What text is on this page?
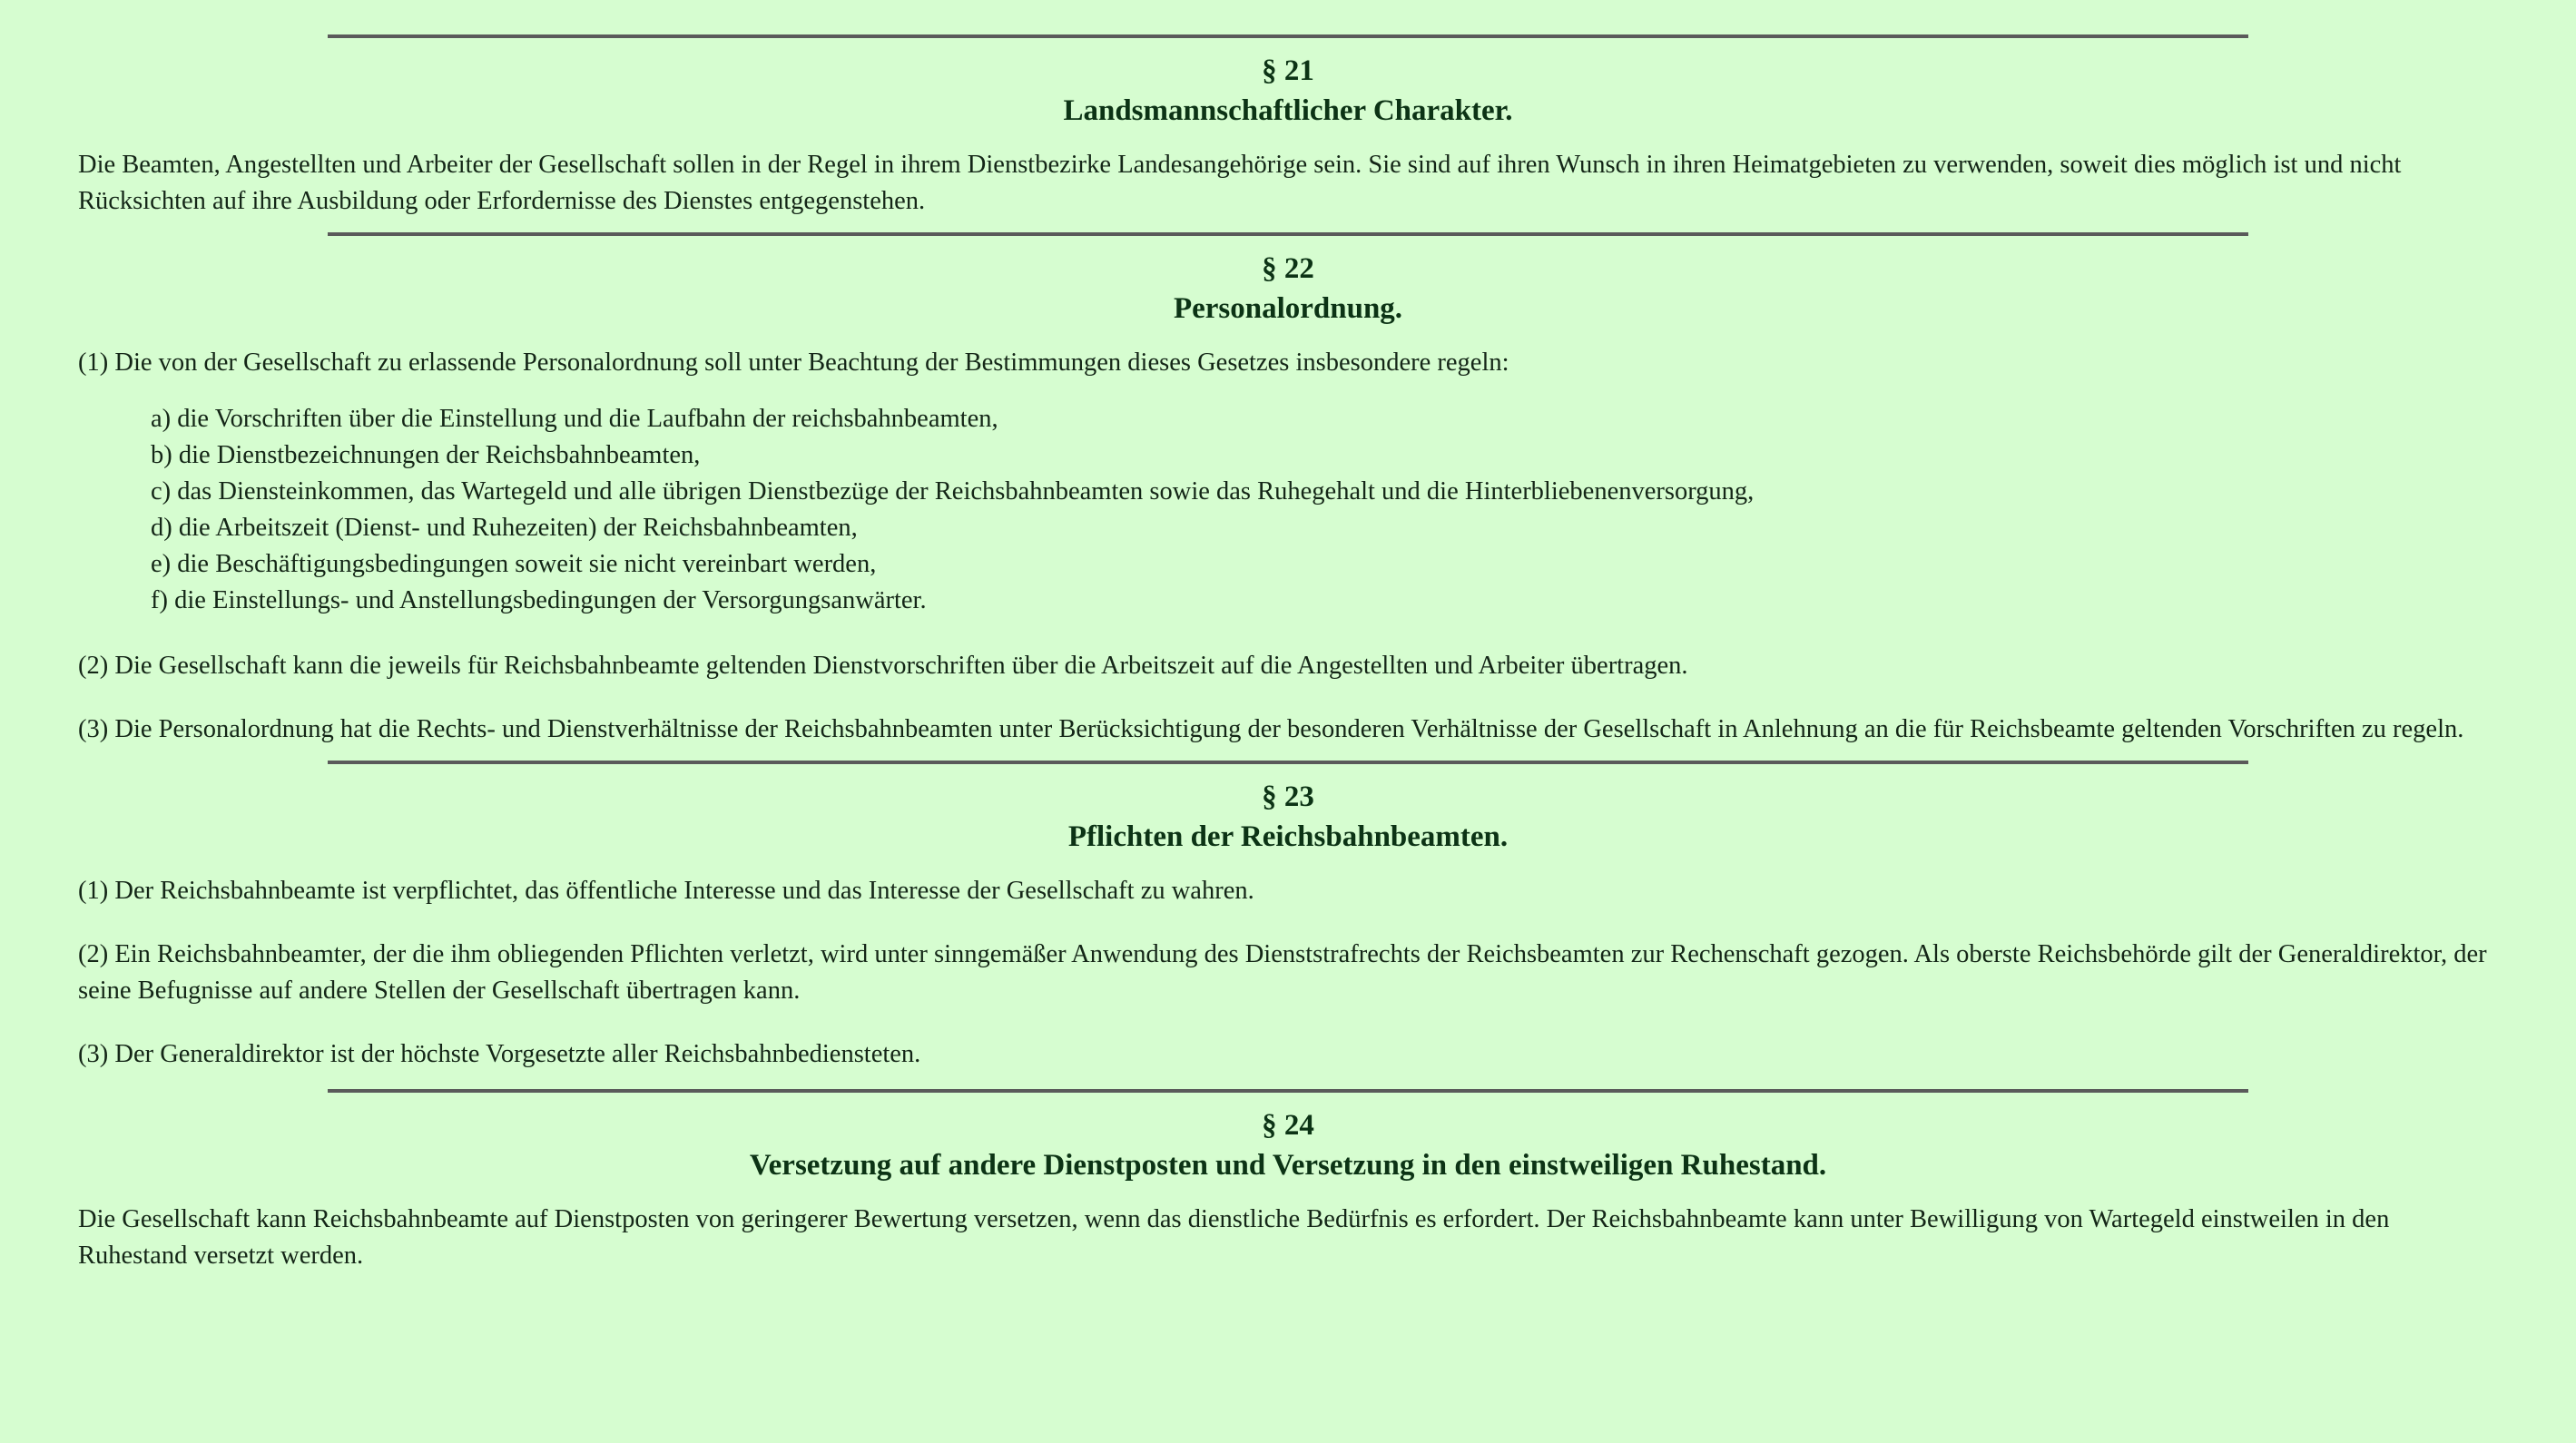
§ 21
Landsmannschaftlicher Charakter.

Die Beamten, Angestellten und Arbeiter der Gesellschaft sollen in der Regel in ihrem Dienstbezirke Landesangehörige sein. Sie sind auf ihren Wunsch in ihren Heimatgebieten zu verwenden, soweit dies möglich ist und nicht Rücksichten auf ihre Ausbildung oder Erfordernisse des Dienstes entgegenstehen.

§ 22
Personalordnung.

(1) Die von der Gesellschaft zu erlassende Personalordnung soll unter Beachtung der Bestimmungen dieses Gesetzes insbesondere regeln:

a) die Vorschriften über die Einstellung und die Laufbahn der reichsbahnbeamten,
b) die Dienstbezeichnungen der Reichsbahnbeamten,
c) das Diensteinkommen, das Wartegeld und alle übrigen Dienstbezüge der Reichsbahnbeamten sowie das Ruhegehalt und die Hinterbliebenenversorgung,
d) die Arbeitszeit (Dienst- und Ruhezeiten) der Reichsbahnbeamten,
e) die Beschäftigungsbedingungen soweit sie nicht vereinbart werden,
f) die Einstellungs- und Anstellungsbedingungen der Versorgungsanwärter.

(2) Die Gesellschaft kann die jeweils für Reichsbahnbeamte geltenden Dienstvorschriften über die Arbeitszeit auf die Angestellten und Arbeiter übertragen.

(3) Die Personalordnung hat die Rechts- und Dienstverhältnisse der Reichsbahnbeamten unter Berücksichtigung der besonderen Verhältnisse der Gesellschaft in Anlehnung an die für Reichsbeamte geltenden Vorschriften zu regeln.

§ 23
Pflichten der Reichsbahnbeamten.

(1) Der Reichsbahnbeamte ist verpflichtet, das öffentliche Interesse und das Interesse der Gesellschaft zu wahren.

(2) Ein Reichsbahnbeamter, der die ihm obliegenden Pflichten verletzt, wird unter sinngemäßer Anwendung des Dienststrafrechts der Reichsbeamten zur Rechenschaft gezogen. Als oberste Reichsbehörde gilt der Generaldirektor, der seine Befugnisse auf andere Stellen der Gesellschaft übertragen kann.

(3) Der Generaldirektor ist der höchste Vorgesetzte aller Reichsbahnbediensteten.

§ 24
Versetzung auf andere Dienstposten und Versetzung in den einstweiligen Ruhestand.

Die Gesellschaft kann Reichsbahnbeamte auf Dienstposten von geringerer Bewertung versetzen, wenn das dienstliche Bedürfnis es erfordert. Der Reichsbahnbeamte kann unter Bewilligung von Wartegeld einstweilen in den Ruhestand versetzt werden.
